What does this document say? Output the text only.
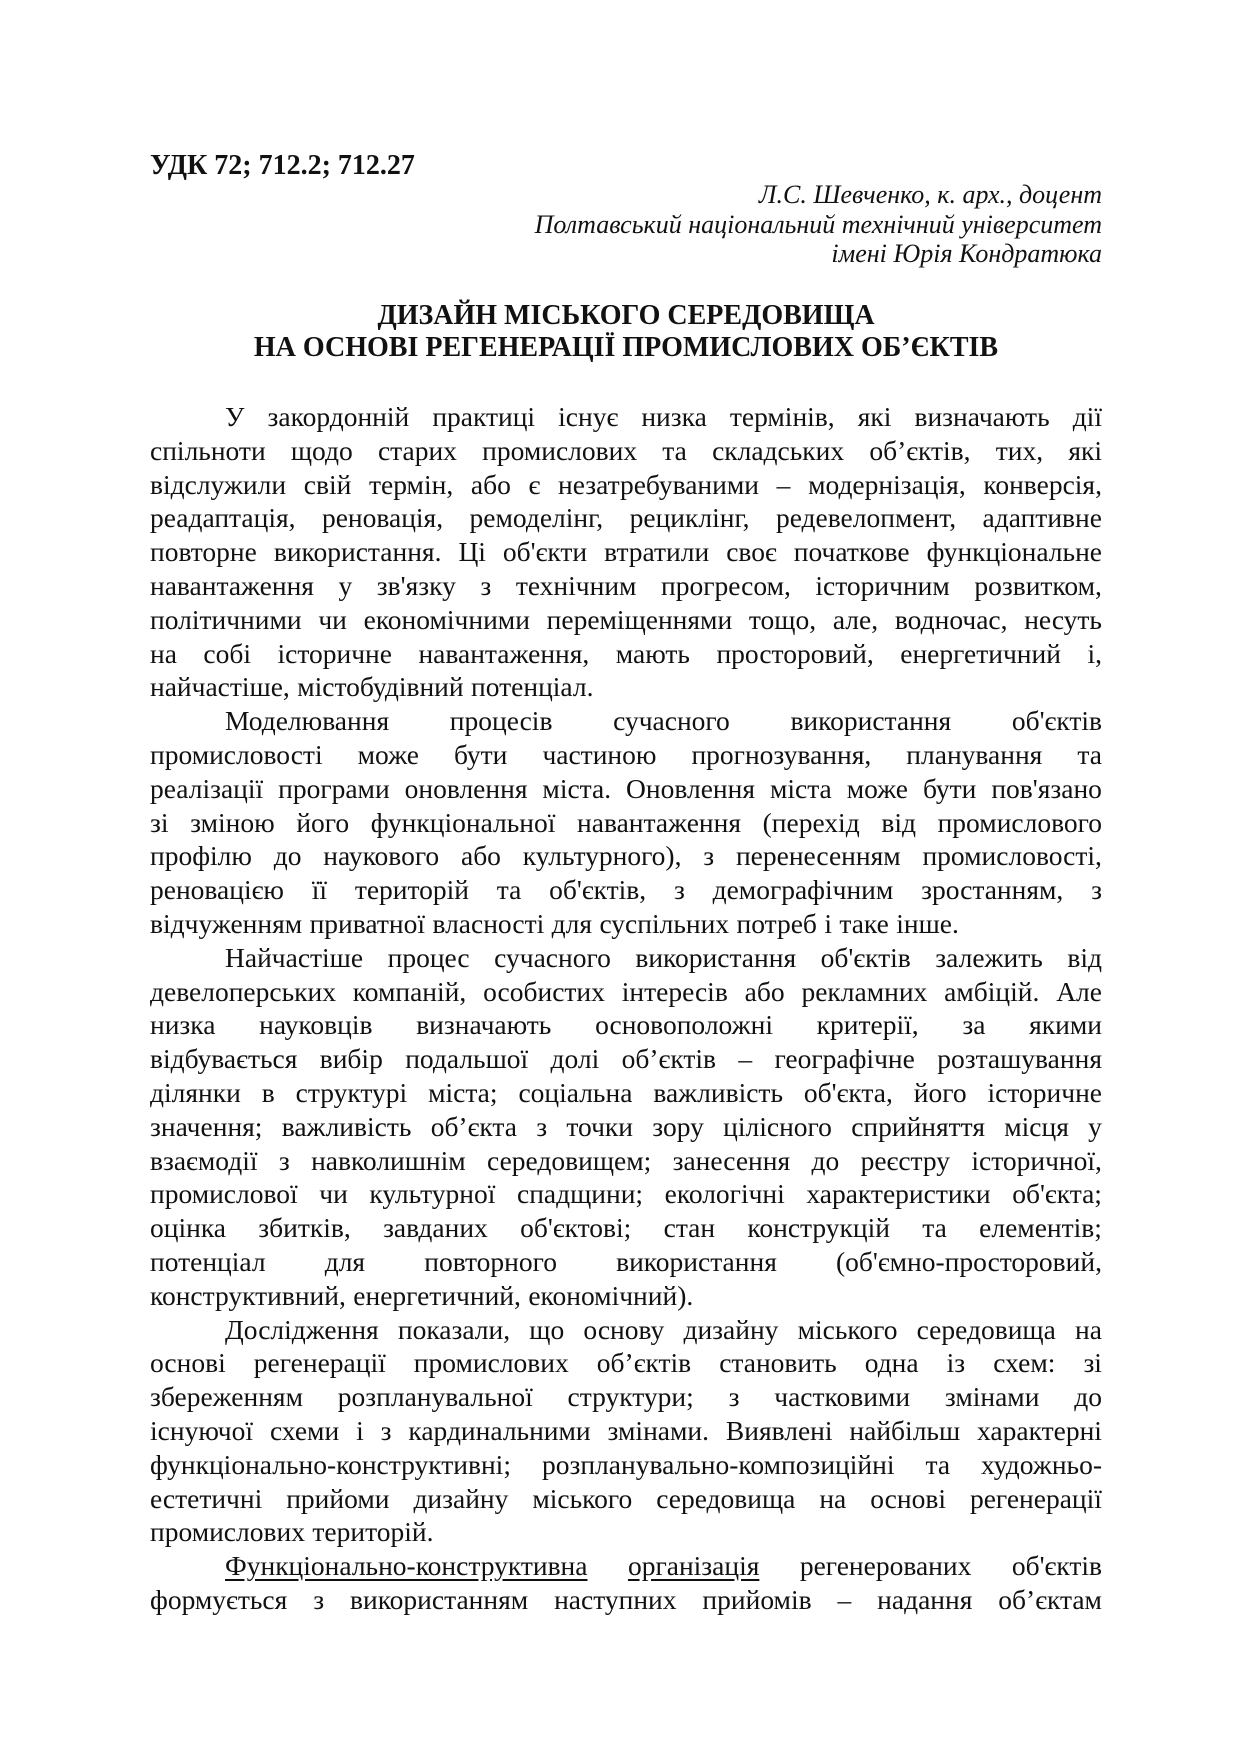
УДК 72; 712.2; 712.27
Л.С. Шевченко, к. арх., доцент
Полтавський національний технічний університет
імені Юрія Кондратюка
ДИЗАЙН МІСЬКОГО СЕРЕДОВИЩА
НА ОСНОВІ РЕГЕНЕРАЦІЇ ПРОМИСЛОВИХ ОБ’ЄКТІВ
У закордонній практиці існує низка термінів, які визначають дії
спільноти щодо старих промислових та складських об’єктів, тих, які
відслужили свій термін, або є незатребуваними – модернізація, конверсія,
реадаптація, реновація, ремоделінг, рециклінг, редевелопмент, адаптивне
повторне використання. Ці об'єкти втратили своє початкове функціональне
навантаження у зв'язку з технічним прогресом, історичним розвитком,
політичними чи економічними переміщеннями тощо, але, водночас, несуть
на собі історичне навантаження, мають просторовий, енергетичний і,
найчастіше, містобудівний потенціал.
Моделювання процесів сучасного використання об'єктів
промисловості може бути частиною прогнозування, планування та
реалізації програми оновлення міста. Оновлення міста може бути пов'язано
зі зміною його функціональної навантаження (перехід від промислового
профілю до наукового або культурного), з перенесенням промисловості,
реновацією її територій та об'єктів, з демографічним зростанням, з
відчуженням приватної власності для суспільних потреб і таке інше.
Найчастіше процес сучасного використання об'єктів залежить від
девелоперських компаній, особистих інтересів або рекламних амбіцій. Але
низка науковців визначають основоположні критерії, за якими
відбувається вибір подальшої долі об’єктів – географічне розташування
ділянки в структурі міста; соціальна важливість об'єкта, його історичне
значення; важливість об’єкта з точки зору цілісного сприйняття місця у
взаємодії з навколишнім середовищем; занесення до реєстру історичної,
промислової чи культурної спадщини; екологічні характеристики об'єкта;
оцінка збитків, завданих об'єктові; стан конструкцій та елементів;
потенціал для повторного використання (об'ємно-просторовий,
конструктивний, енергетичний, економічний).
Дослідження показали, що основу дизайну міського середовища на
основі регенерації промислових об’єктів становить одна із схем: зі
збереженням розпланувальної структури; з частковими змінами до
існуючої схеми і з кардинальними змінами. Виявлені найбільш характерні
функціонально-конструктивні; розпланувально-композиційні та художньо-
естетичні прийоми дизайну міського середовища на основі регенерації
промислових територій.
Функціонально-конструктивна організація регенерованих об'єктів
формується з використанням наступних прийомів – надання об’єктам
